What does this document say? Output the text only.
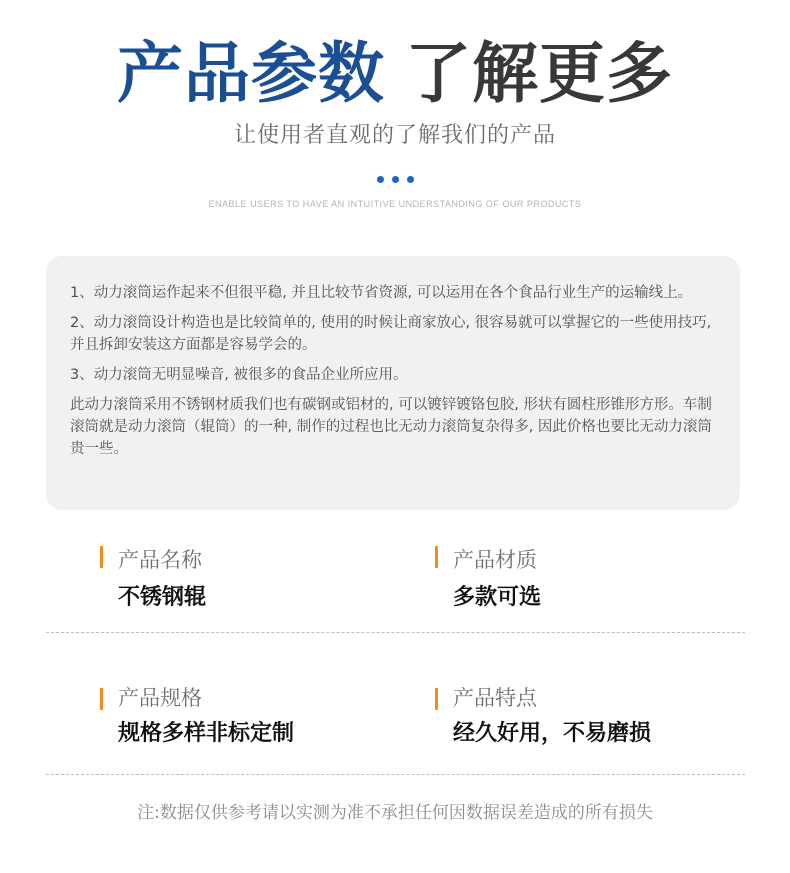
产品参数 了解更多
让使用者直观的了解我们的产品
ENABLE USERS TO HAVE AN INTUITIVE UNDERSTANDING OF OUR PRODUCTS

1、动力滚筒运作起来不但很平稳, 并且比较节省资源, 可以运用在各个食品行业生产的运输线上。

2、动力滚筒设计构造也是比较简单的, 使用的时候让商家放心, 很容易就可以掌握它的一些使用技巧, 并且拆卸安装这方面都是容易学会的。

3、动力滚筒无明显噪音, 被很多的食品企业所应用。

此动力滚筒采用不锈钢材质我们也有碳钢或铝材的, 可以镀锌镀铬包胶, 形状有圆柱形锥形方形。车制滚筒就是动力滚筒（辊筒）的一种, 制作的过程也比无动力滚筒复杂得多, 因此价格也要比无动力滚筒贵一些。

产品名称
不锈钢辊
产品材质
多款可选
产品规格
规格多样非标定制
产品特点
经久好用，不易磨损
注:数据仅供参考请以实测为准不承担任何因数据误差造成的所有损失
